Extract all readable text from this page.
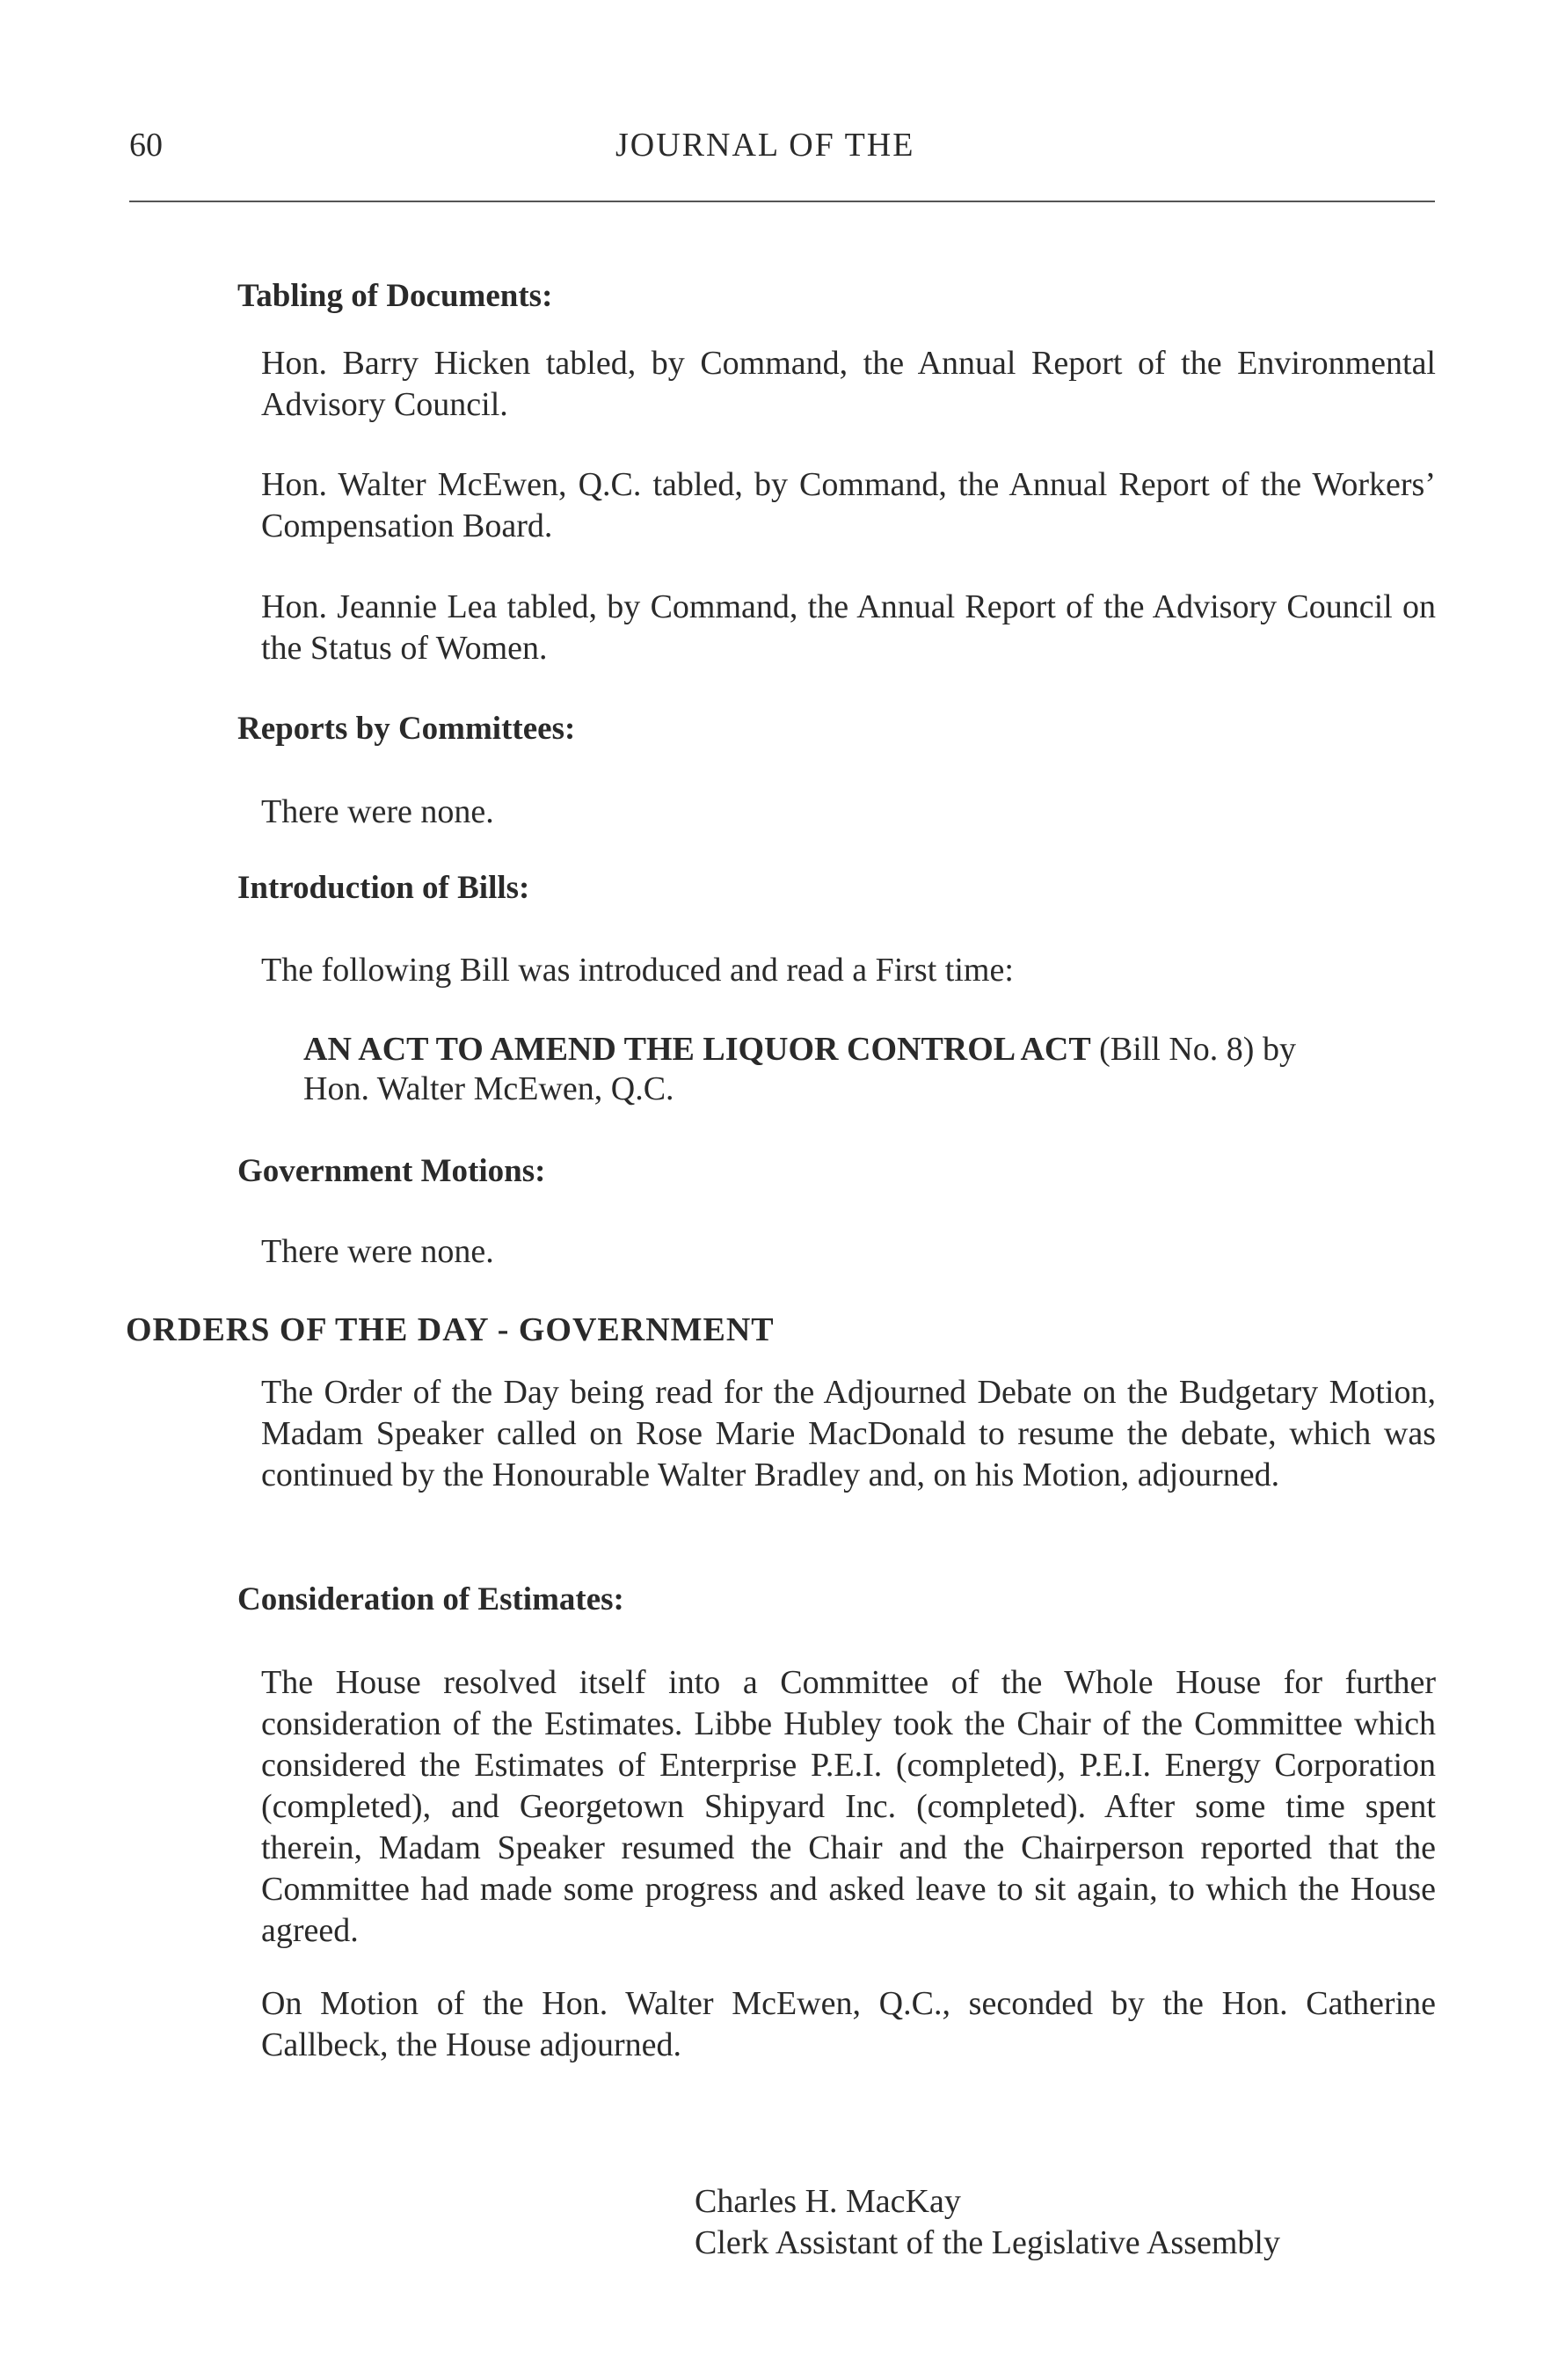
60	JOURNAL OF THE
Tabling of Documents:

Hon. Barry Hicken tabled, by Command, the Annual Report of the Environmental Advisory Council.

Hon. Walter McEwen, Q.C. tabled, by Command, the Annual Report of the Workers’ Compensation Board.

Hon. Jeannie Lea tabled, by Command, the Annual Report of the Advisory Council on the Status of Women.

Reports by Committees:
There were none.
Introduction of Bills:
The following Bill was introduced and read a First time:
AN ACT TO AMEND THE LIQUOR CONTROL ACT (Bill No. 8) by
Hon. Walter McEwen, Q.C.
Government Motions:
There were none.
ORDERS OF THE DAY - GOVERNMENT

The Order of the Day being read for the Adjourned Debate on the Budgetary Motion, Madam Speaker called on Rose Marie MacDonald to resume the debate, which was continued by the Honourable Walter Bradley and, on his Motion, adjourned.

Consideration of Estimates:

The House resolved itself into a Committee of the Whole House for further consideration of the Estimates. Libbe Hubley took the Chair of the Committee which considered the Estimates of Enterprise P.E.I. (completed), P.E.I. Energy Corporation (completed), and Georgetown Shipyard Inc. (completed). After some time spent therein, Madam Speaker resumed the Chair and the Chairperson reported that the Committee had made some progress and asked leave to sit again, to which the House agreed.

On Motion of the Hon. Walter McEwen, Q.C., seconded by the Hon. Catherine Callbeck, the House adjourned.

Charles H. MacKay
Clerk Assistant of the Legislative Assembly
